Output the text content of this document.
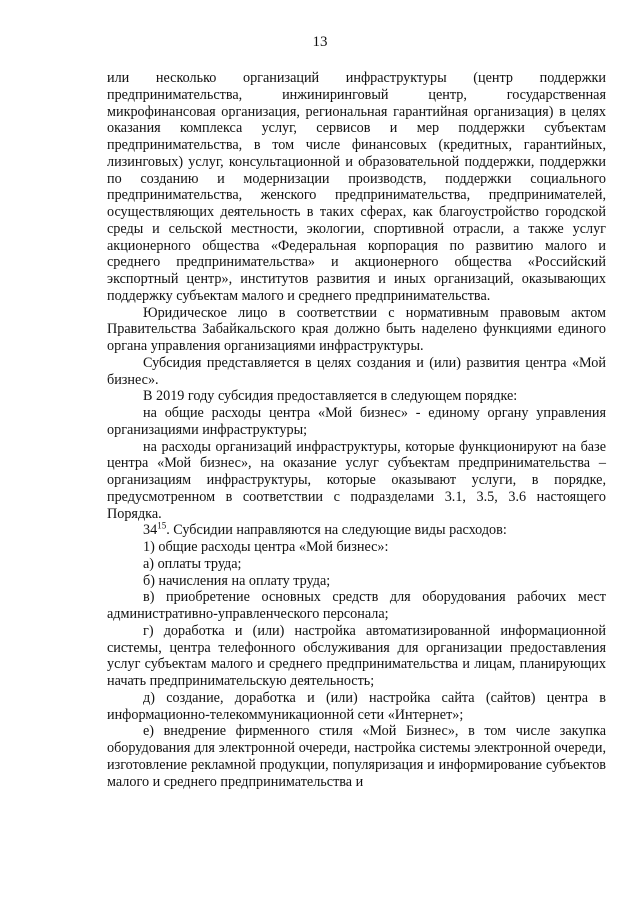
13

или несколько организаций инфраструктуры (центр поддержки предпринимательства, инжиниринговый центр, государственная микрофинансовая организация, региональная гарантийная организация) в целях оказания комплекса услуг, сервисов и мер поддержки субъектам предпринимательства, в том числе финансовых (кредитных, гарантийных, лизинговых) услуг, консультационной и образовательной поддержки, поддержки по созданию и модернизации производств, поддержки социального предпринимательства, женского предпринимательства, предпринимателей, осуществляющих деятельность в таких сферах, как благоустройство городской среды и сельской местности, экологии, спортивной отрасли, а также услуг акционерного общества «Федеральная корпорация по развитию малого и среднего предпринимательства» и акционерного общества «Российский экспортный центр», институтов развития и иных организаций, оказывающих поддержку субъектам малого и среднего предпринимательства.

Юридическое лицо в соответствии с нормативным правовым актом Правительства Забайкальского края должно быть наделено функциями единого органа управления организациями инфраструктуры.

Субсидия представляется в целях создания и (или) развития центра «Мой бизнес».

В 2019 году субсидия предоставляется в следующем порядке:

на общие расходы центра «Мой бизнес» - единому органу управления организациями инфраструктуры;

на расходы организаций инфраструктуры, которые функционируют на базе центра «Мой бизнес», на оказание услуг субъектам предпринимательства – организациям инфраструктуры, которые оказывают услуги, в порядке, предусмотренном в соответствии с подразделами 3.1, 3.5, 3.6 настоящего Порядка.

$34^{15}$. Субсидии направляются на следующие виды расходов:

1) общие расходы центра «Мой бизнес»:

а) оплаты труда;

б) начисления на оплату труда;

в) приобретение основных средств для оборудования рабочих мест административно-управленческого персонала;

г) доработка и (или) настройка автоматизированной информационной системы, центра телефонного обслуживания для организации предоставления услуг субъектам малого и среднего предпринимательства и лицам, планирующих начать предпринимательскую деятельность;

д) создание, доработка и (или) настройка сайта (сайтов) центра в информационно-телекоммуникационной сети «Интернет»;

е) внедрение фирменного стиля «Мой Бизнес», в том числе закупка оборудования для электронной очереди, настройка системы электронной очереди, изготовление рекламной продукции, популяризация и информирование субъектов малого и среднего предпринимательства и
